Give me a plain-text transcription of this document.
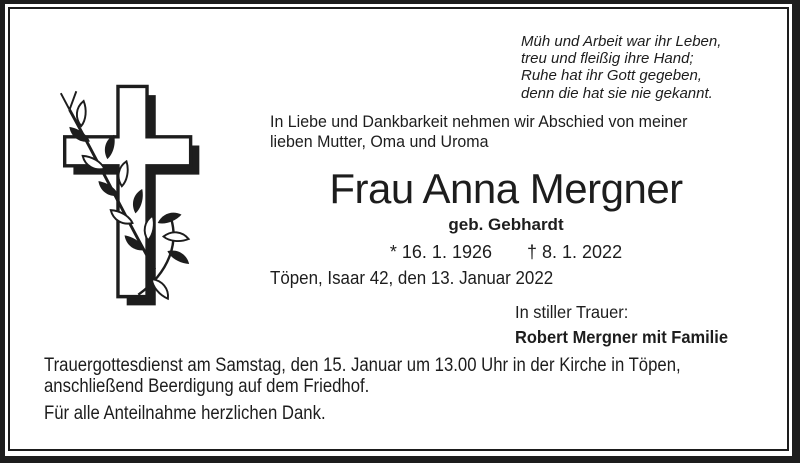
Müh und Arbeit war ihr Leben,
treu und fleißig ihre Hand;
Ruhe hat ihr Gott gegeben,
denn die hat sie nie gekannt.
In Liebe und Dankbarkeit nehmen wir Abschied von meiner
lieben Mutter, Oma und Uroma
Frau Anna Mergner
geb. Gebhardt
* 16. 1. 1926 † 8. 1. 2022
Töpen, Isaar 42, den 13. Januar 2022
In stiller Trauer:
Robert Mergner mit Familie
Trauergottesdienst am Samstag, den 15. Januar um 13.00 Uhr in der Kirche in Töpen,
anschließend Beerdigung auf dem Friedhof.
Für alle Anteilnahme herzlichen Dank.
